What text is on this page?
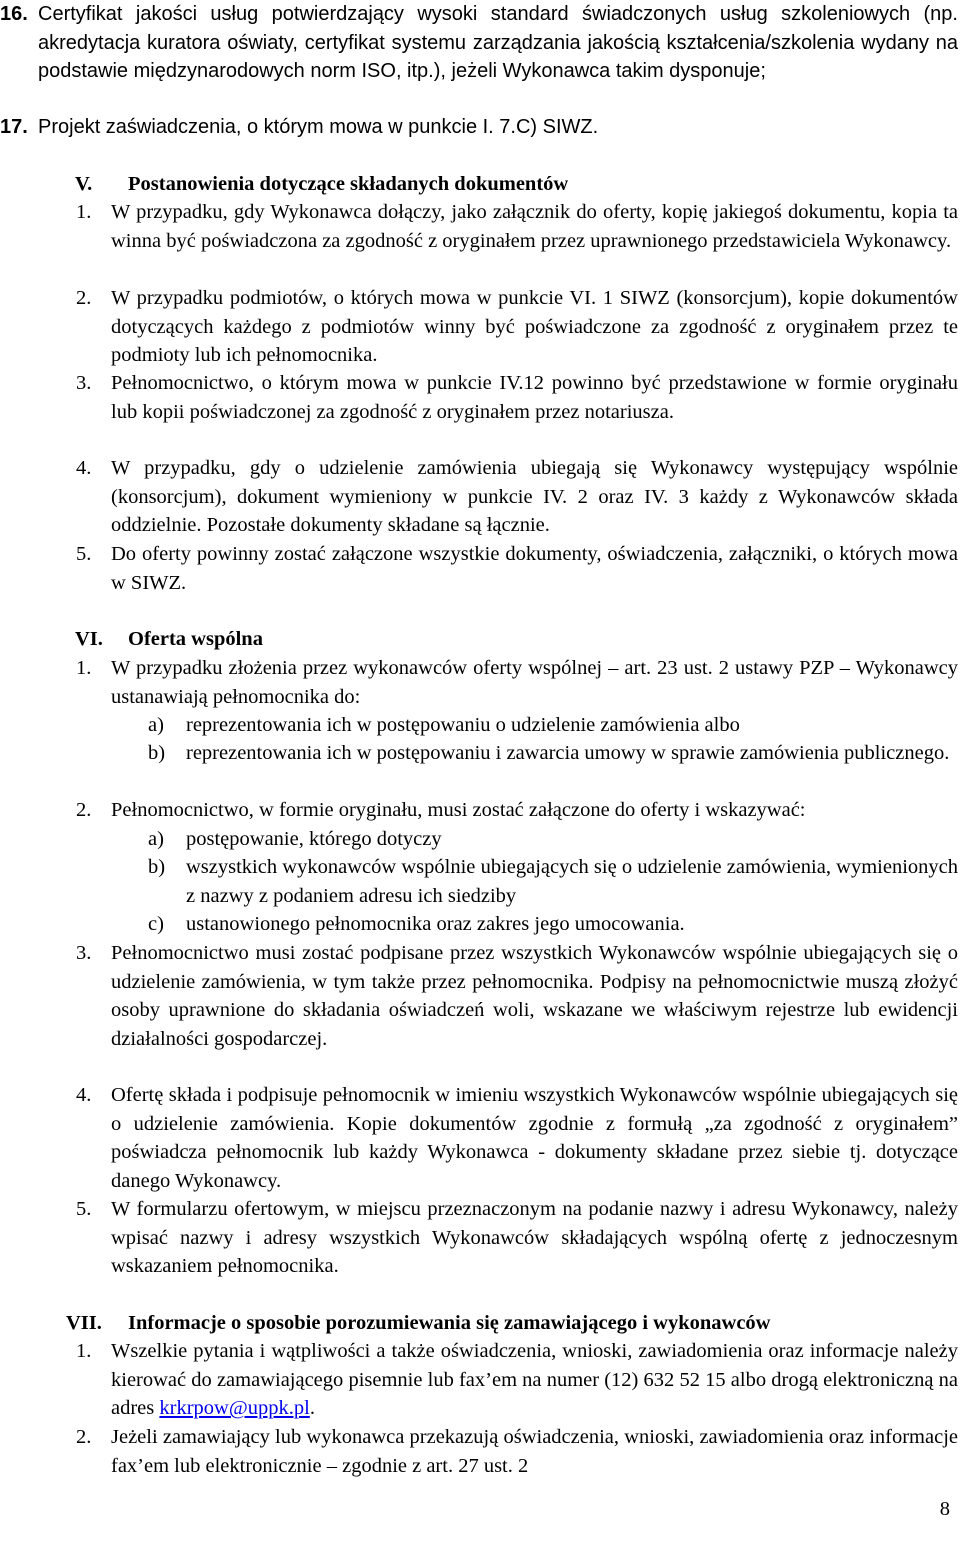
16. Certyfikat jakości usług potwierdzający wysoki standard świadczonych usług szkoleniowych (np. akredytacja kuratora oświaty, certyfikat systemu zarządzania jakością kształcenia/szkolenia wydany na podstawie międzynarodowych norm ISO, itp.), jeżeli Wykonawca takim dysponuje;
17. Projekt zaświadczenia, o którym mowa w punkcie I. 7.C) SIWZ.
V. Postanowienia dotyczące składanych dokumentów
1. W przypadku, gdy Wykonawca dołączy, jako załącznik do oferty, kopię jakiegoś dokumentu, kopia ta winna być poświadczona za zgodność z oryginałem przez uprawnionego przedstawiciela Wykonawcy.
2. W przypadku podmiotów, o których mowa w punkcie VI. 1 SIWZ (konsorcjum), kopie dokumentów dotyczących każdego z podmiotów winny być poświadczone za zgodność z oryginałem przez te podmioty lub ich pełnomocnika.
3. Pełnomocnictwo, o którym mowa w punkcie IV.12 powinno być przedstawione w formie oryginału lub kopii poświadczonej za zgodność z oryginałem przez notariusza.
4. W przypadku, gdy o udzielenie zamówienia ubiegają się Wykonawcy występujący wspólnie (konsorcjum), dokument wymieniony w punkcie IV. 2 oraz IV. 3 każdy z Wykonawców składa oddzielnie. Pozostałe dokumenty składane są łącznie.
5. Do oferty powinny zostać załączone wszystkie dokumenty, oświadczenia, załączniki, o których mowa w SIWZ.
VI. Oferta wspólna
1. W przypadku złożenia przez wykonawców oferty wspólnej – art. 23 ust. 2 ustawy PZP – Wykonawcy ustanawiają pełnomocnika do:
a) reprezentowania ich w postępowaniu o udzielenie zamówienia albo
b) reprezentowania ich w postępowaniu i zawarcia umowy w sprawie zamówienia publicznego.
2. Pełnomocnictwo, w formie oryginału, musi zostać załączone do oferty i wskazywać:
a) postępowanie, którego dotyczy
b) wszystkich wykonawców wspólnie ubiegających się o udzielenie zamówienia, wymienionych z nazwy z podaniem adresu ich siedziby
c) ustanowionego pełnomocnika oraz zakres jego umocowania.
3. Pełnomocnictwo musi zostać podpisane przez wszystkich Wykonawców wspólnie ubiegających się o udzielenie zamówienia, w tym także przez pełnomocnika. Podpisy na pełnomocnictwie muszą złożyć osoby uprawnione do składania oświadczeń woli, wskazane we właściwym rejestrze lub ewidencji działalności gospodarczej.
4. Ofertę składa i podpisuje pełnomocnik w imieniu wszystkich Wykonawców wspólnie ubiegających się o udzielenie zamówienia. Kopie dokumentów zgodnie z formułą „za zgodność z oryginałem” poświadcza pełnomocnik lub każdy Wykonawca - dokumenty składane przez siebie tj. dotyczące danego Wykonawcy.
5. W formularzu ofertowym, w miejscu przeznaczonym na podanie nazwy i adresu Wykonawcy, należy wpisać nazwy i adresy wszystkich Wykonawców składających wspólną ofertę z jednoczesnym wskazaniem pełnomocnika.
VII. Informacje o sposobie porozumiewania się zamawiającego i wykonawców
1. Wszelkie pytania i wątpliwości a także oświadczenia, wnioski, zawiadomienia oraz informacje należy kierować do zamawiającego pisemnie lub fax’em na numer (12) 632 52 15 albo drogą elektroniczną na adres krkrpow@uppk.pl.
2. Jeżeli zamawiający lub wykonawca przekazują oświadczenia, wnioski, zawiadomienia oraz informacje fax’em lub elektronicznie – zgodnie z art. 27 ust. 2
8
